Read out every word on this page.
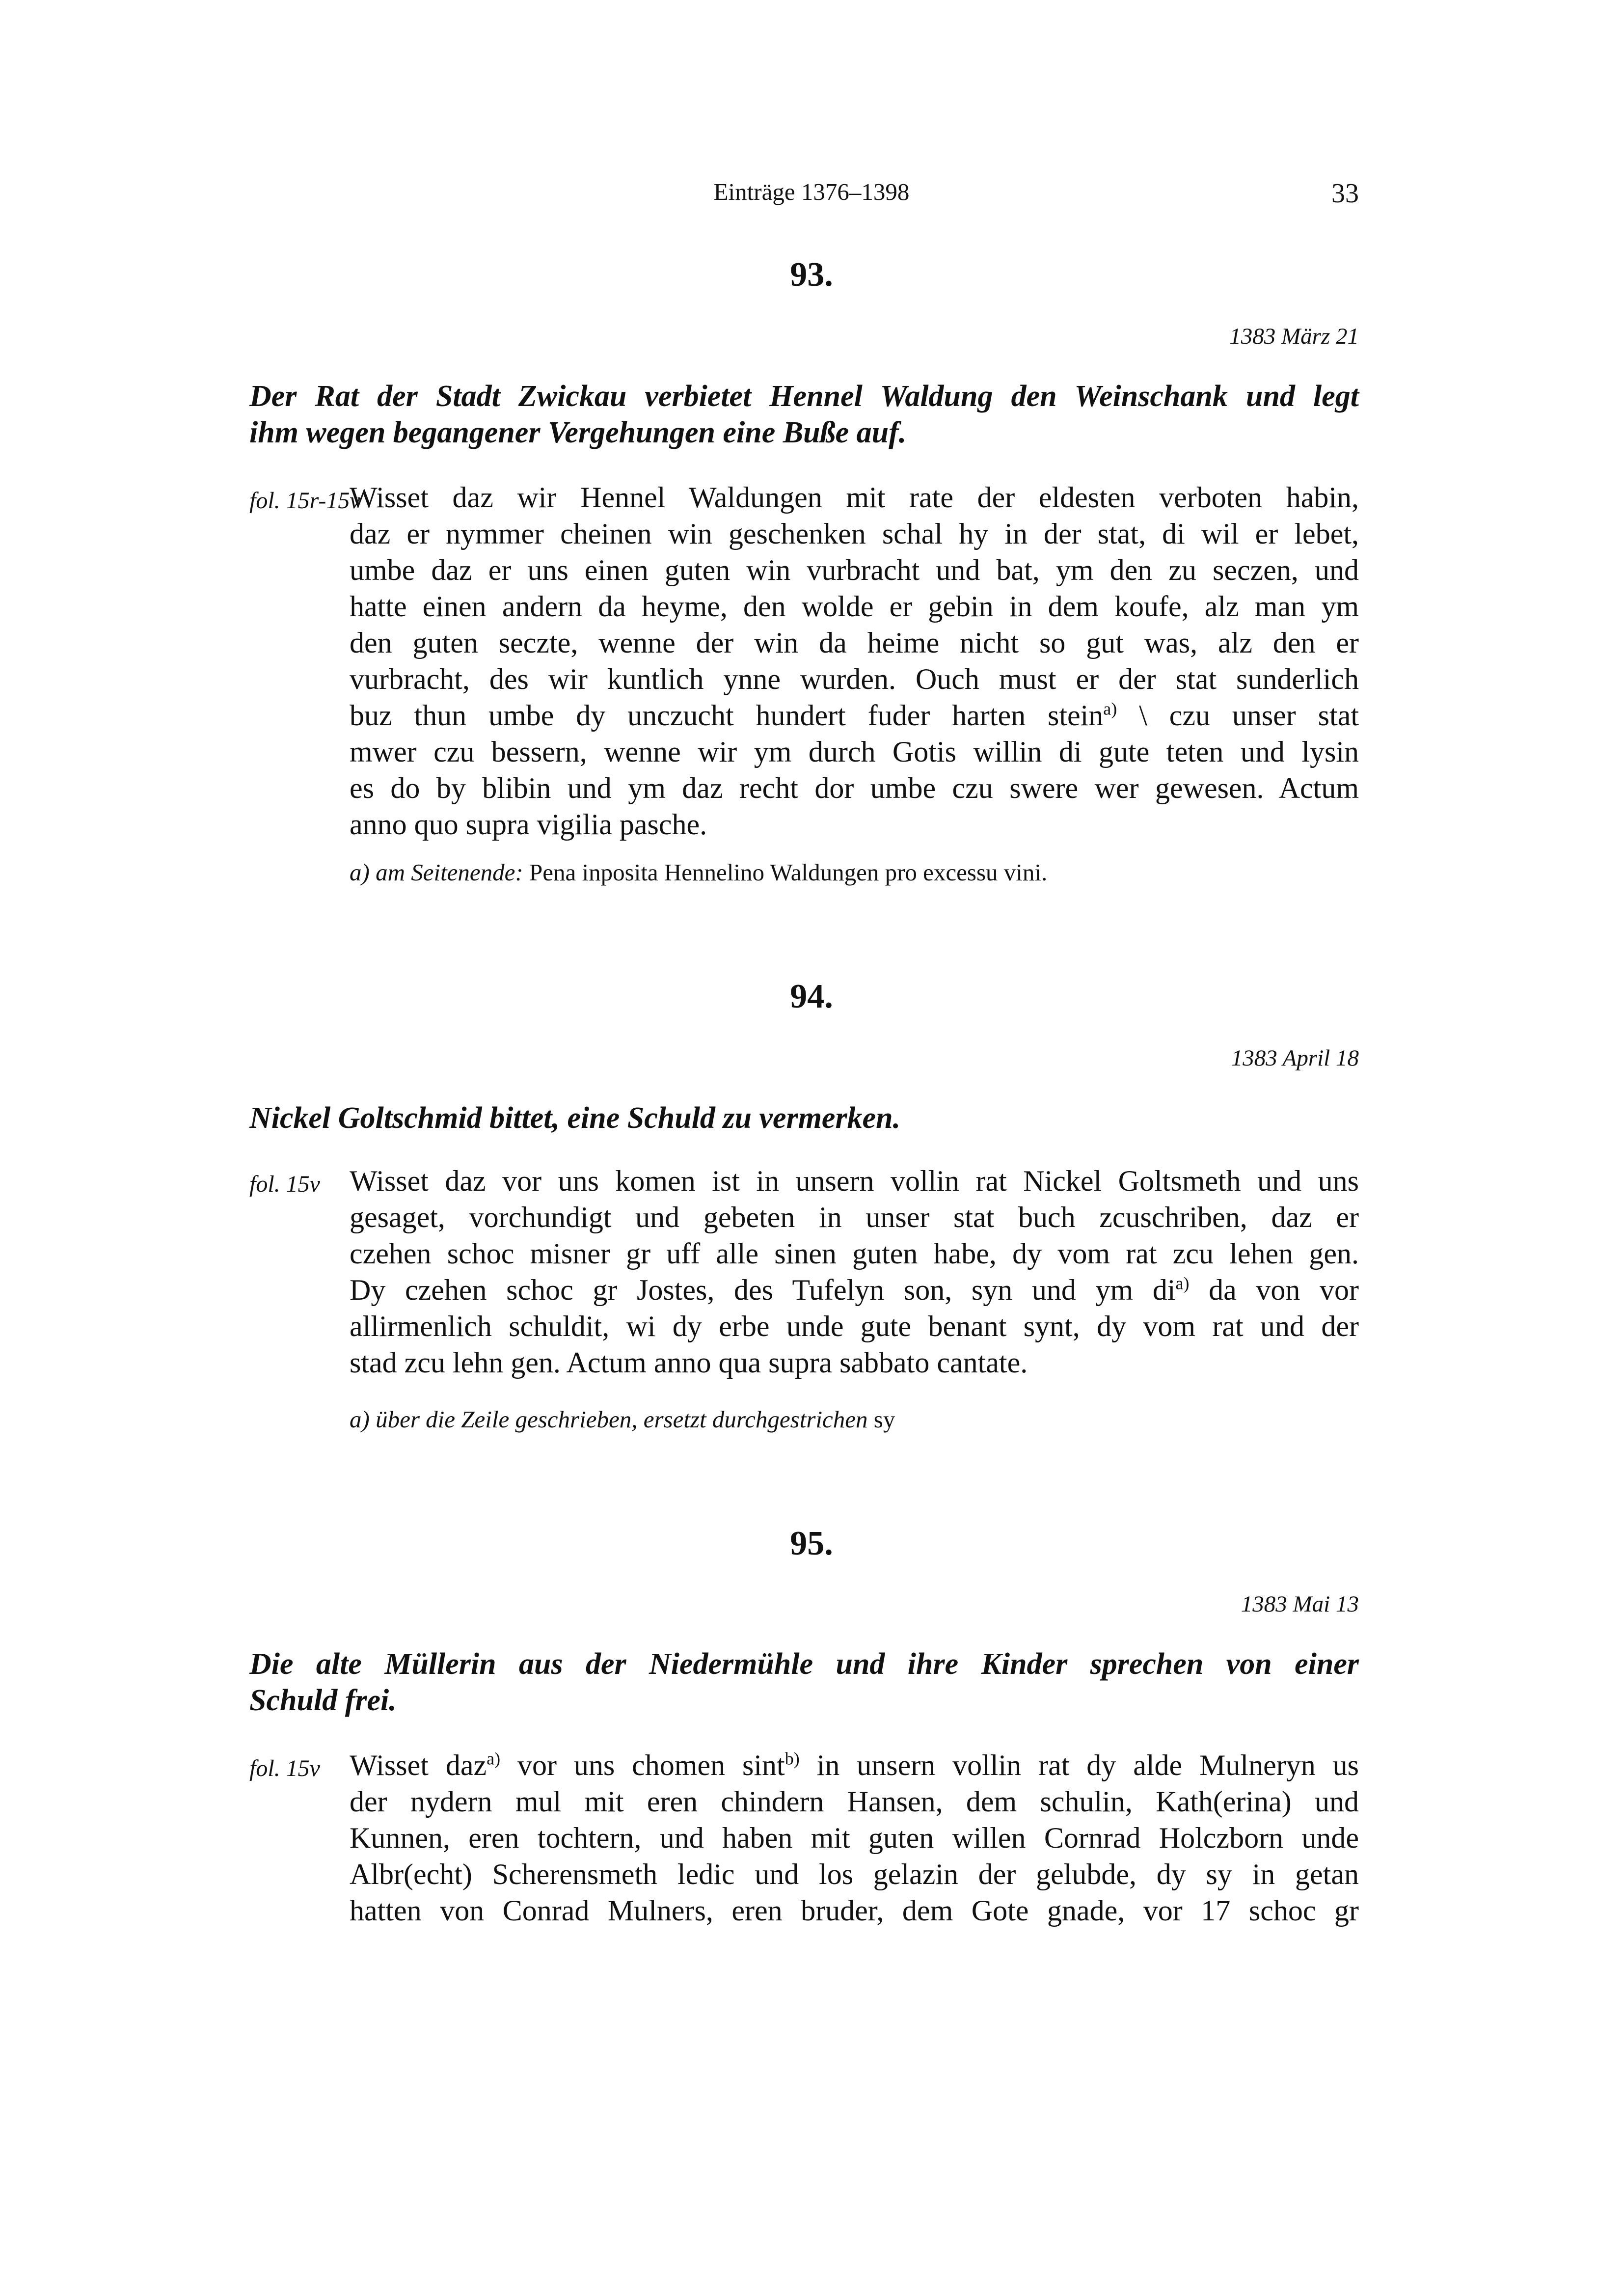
Einträge 1376–1398	33
93.
1383 März 21
Der Rat der Stadt Zwickau verbietet Hennel Waldung den Weinschank und legt
ihm wegen begangener Vergehungen eine Buße auf.
fol. 15r-15v
Wisset daz wir Hennel Waldungen mit rate der eldesten verboten habin,
daz er nymmer cheinen win geschenken schal hy in der stat, di wil er lebet,
umbe daz er uns einen guten win vurbracht und bat, ym den zu seczen, und
hatte einen andern da heyme, den wolde er gebin in dem koufe, alz man ym
den guten seczte, wenne der win da heime nicht so gut was, alz den er
vurbracht, des wir kuntlich ynne wurden. Ouch must er der stat sunderlich
buz thun umbe dy unczucht hundert fuder harten stein$^{a)}$ \ czu unser stat
mwer czu bessern, wenne wir ym durch Gotis willin di gute teten und lysin
es do by blibin und ym daz recht dor umbe czu swere wer gewesen. Actum
anno quo supra vigilia pasche.
a) am Seitenende: Pena inposita Hennelino Waldungen pro excessu vini.
94.
1383 April 18
Nickel Goltschmid bittet, eine Schuld zu vermerken.
fol. 15v Wisset daz vor uns komen ist in unsern vollin rat Nickel Goltsmeth und uns
gesaget, vorchundigt und gebeten in unser stat buch zcuschriben, daz er
czehen schoc misner gr uff alle sinen guten habe, dy vom rat zcu lehen gen.
Dy czehen schoc gr Jostes, des Tufelyn son, syn und ym $di^{a)}$ da von vor
allirmenlich schuldit, wi dy erbe unde gute benant synt, dy vom rat und der
stad zcu lehn gen. Actum anno qua supra sabbato cantate.
a) über die Zeile geschrieben, ersetzt durchgestrichen sy
95.
1383 Mai 13
Die alte Müllerin aus der Niedermühle und ihre Kinder sprechen von einer
Schuld frei.
fol. 15v Wisset daz$^{a)}$ vor uns chomen sint$^{b)}$ in unsern vollin rat dy alde Mulneryn us
der nydern mul mit eren chindern Hansen, dem schulin, Kath(erina) und
Kunnen, eren tochtern, und haben mit guten willen Cornrad Holczborn unde
Albr(echt) Scherensmeth ledic und los gelazin der gelubde, dy sy in getan
hatten von Conrad Mulners, eren bruder, dem Gote gnade, vor 17 schoc gr
